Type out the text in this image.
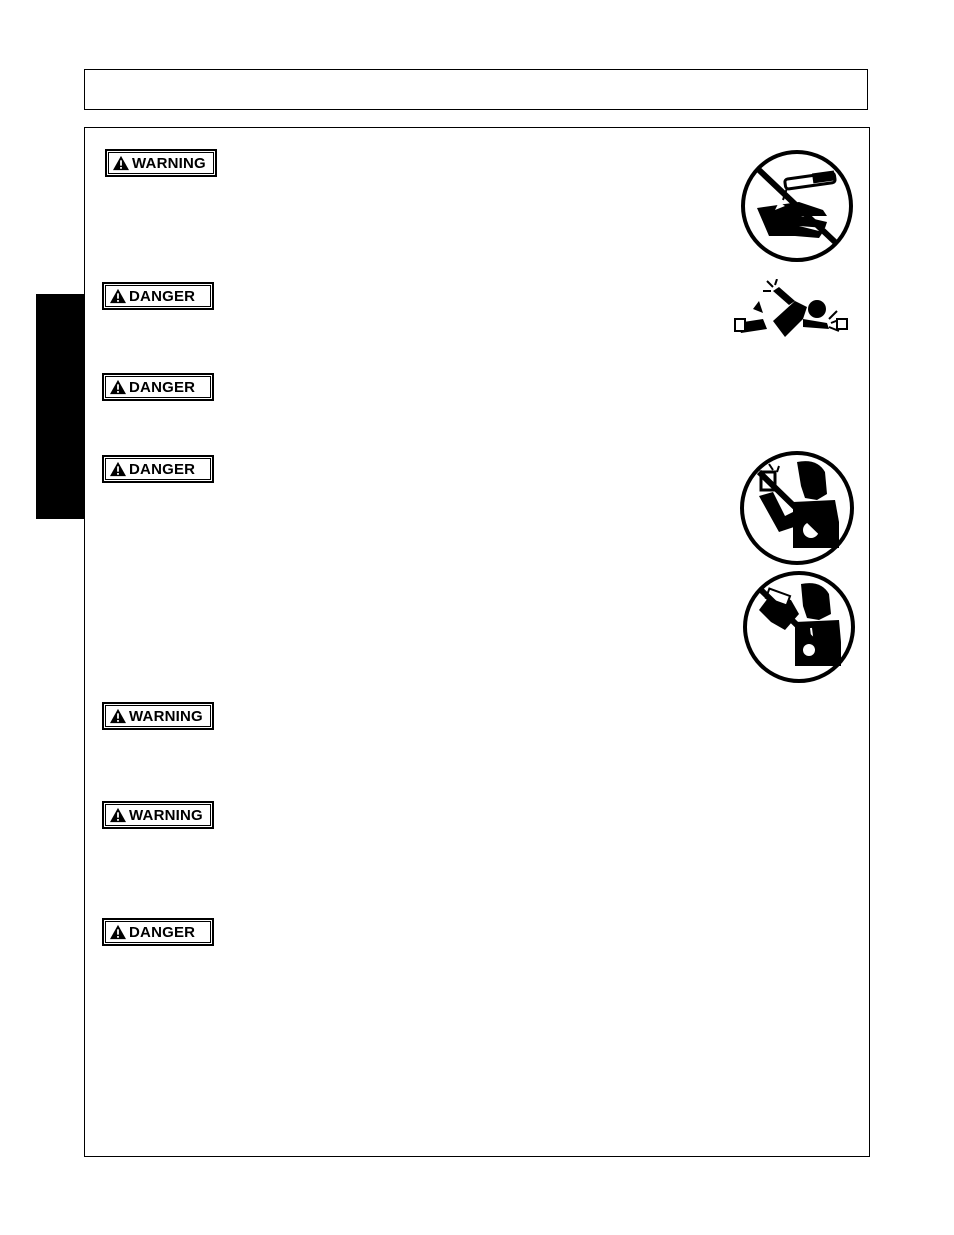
WARNING
DANGER
DANGER
DANGER
WARNING
WARNING
DANGER
